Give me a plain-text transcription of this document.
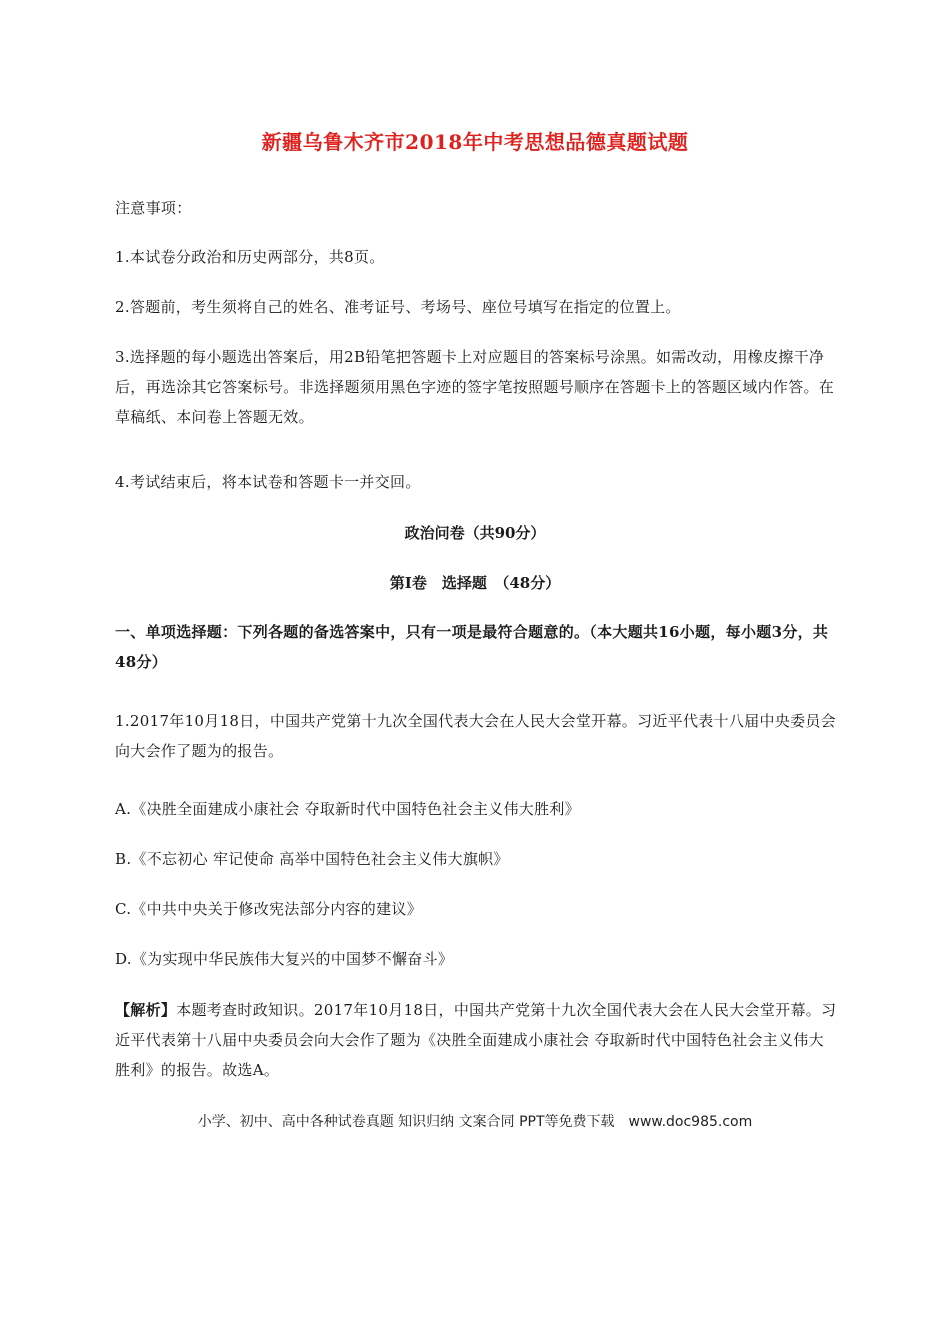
新疆乌鲁木齐市2018年中考思想品德真题试题
注意事项：
1.本试卷分政治和历史两部分，共8页。
2.答题前，考生须将自己的姓名、准考证号、考场号、座位号填写在指定的位置上。
3.选择题的每小题选出答案后，用2B铅笔把答题卡上对应题目的答案标号涂黑。如需改动，用橡皮擦干净后，再选涂其它答案标号。非选择题须用黑色字迹的签字笔按照题号顺序在答题卡上的答题区域内作答。在草稿纸、本问卷上答题无效。
4.考试结束后，将本试卷和答题卡一并交回。
政治问卷（共90分）
第Ⅰ卷　选择题　（48分）
一、单项选择题：下列各题的备选答案中，只有一项是最符合题意的。（本大题共16小题，每小题3分，共48分）
1.2017年10月18日，中国共产党第十九次全国代表大会在人民大会堂开幕。习近平代表十八届中央委员会向大会作了题为的报告。
A.《决胜全面建成小康社会 夺取新时代中国特色社会主义伟大胜利》
B.《不忘初心 牢记使命 高举中国特色社会主义伟大旗帜》
C.《中共中央关于修改宪法部分内容的建议》
D.《为实现中华民族伟大复兴的中国梦不懈奋斗》
【解析】本题考查时政知识。2017年10月18日，中国共产党第十九次全国代表大会在人民大会堂开幕。习近平代表第十八届中央委员会向大会作了题为《决胜全面建成小康社会 夺取新时代中国特色社会主义伟大胜利》的报告。故选A。
小学、初中、高中各种试卷真题 知识归纳 文案合同 PPT等免费下载　www.doc985.com
